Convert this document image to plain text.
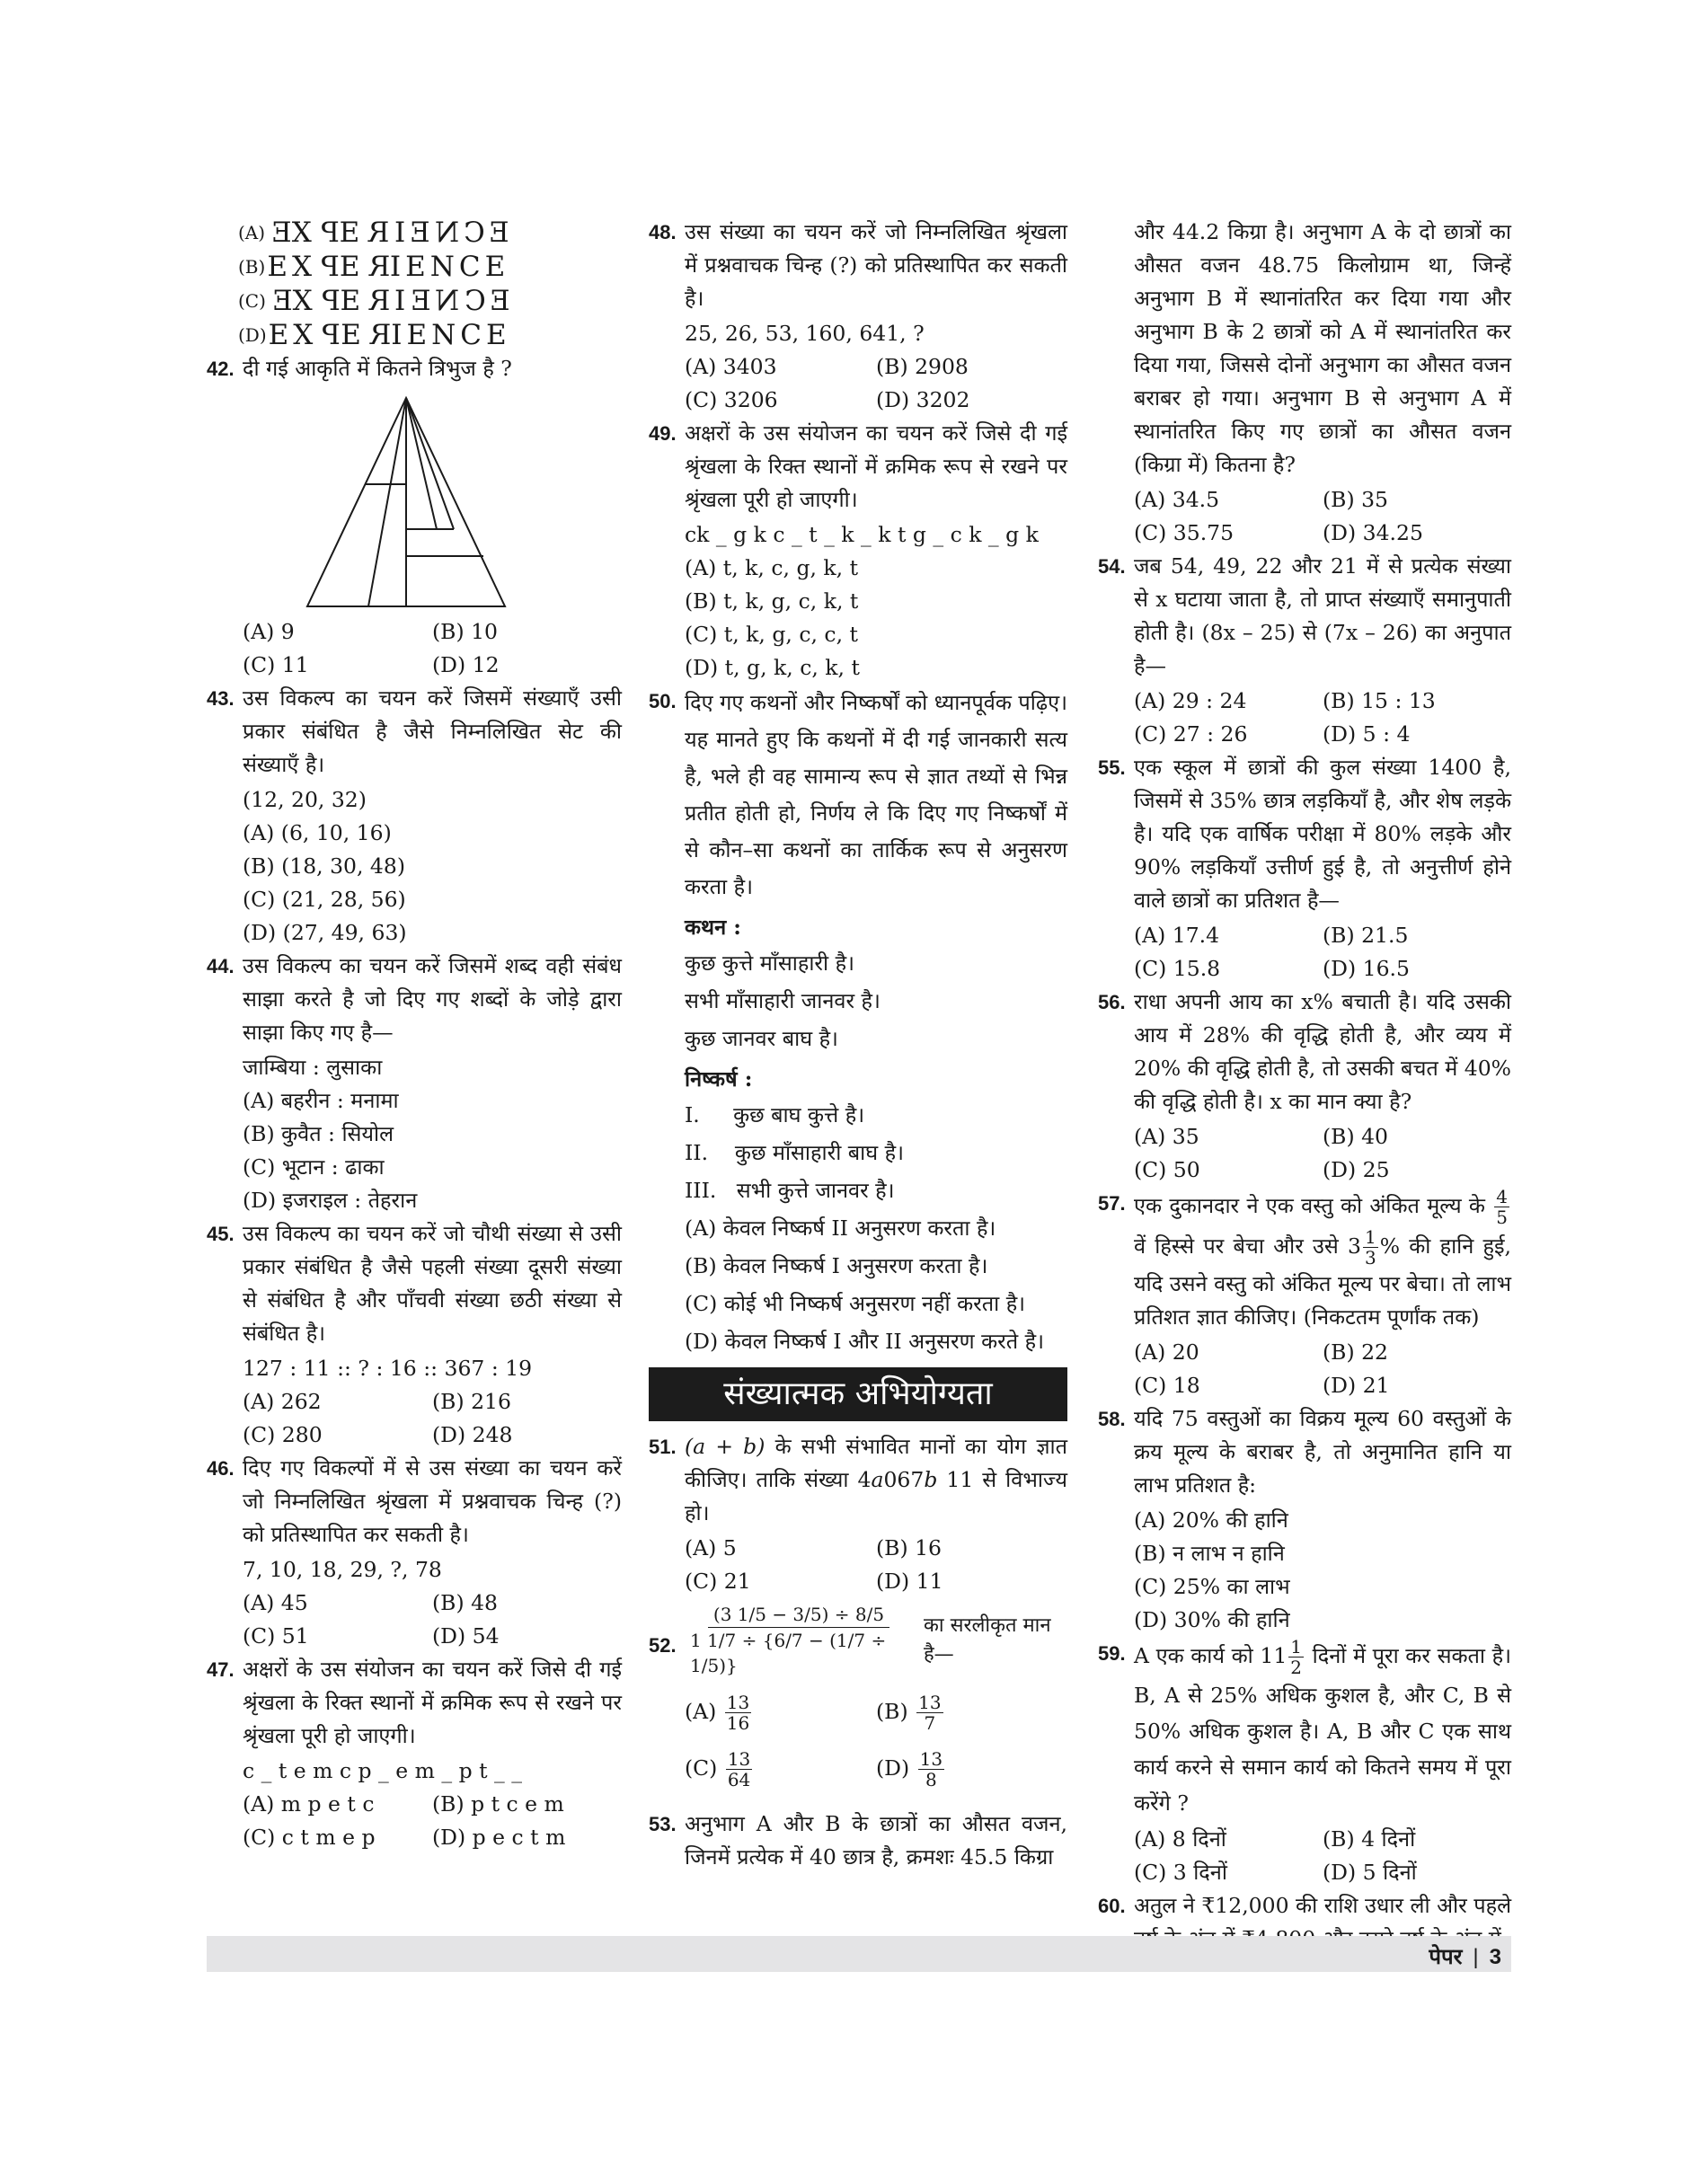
(A) EXPERIENCE
(B) EXPERIENCE
(C) EXPERIENCE
(D) EXPERIENCE
42. दी गई आकृति में कितने त्रिभुज है ?
(A) 9	(B) 10
(C) 11	(D) 12
43. उस विकल्प का चयन करें जिसमें संख्याएँ उसी प्रकार संबंधित है जैसे निम्नलिखित सेट की संख्याएँ है।
(12, 20, 32)
(A) (6, 10, 16)
(B) (18, 30, 48)
(C) (21, 28, 56)
(D) (27, 49, 63)
44. उस विकल्प का चयन करें जिसमें शब्द वही संबंध साझा करते है जो दिए गए शब्दों के जोड़े द्वारा साझा किए गए है—
जाम्बिया : लुसाका
(A) बहरीन : मनामा
(B) कुवैत : सियोल
(C) भूटान : ढाका
(D) इजराइल : तेहरान
45. उस विकल्प का चयन करें जो चौथी संख्या से उसी प्रकार संबंधित है जैसे पहली संख्या दूसरी संख्या से संबंधित है और पाँचवी संख्या छठी संख्या से संबंधित है।
127 : 11 :: ? : 16 :: 367 : 19
(A) 262	(B) 216
(C) 280	(D) 248
46. दिए गए विकल्पों में से उस संख्या का चयन करें जो निम्नलिखित श्रृंखला में प्रश्नवाचक चिन्ह (?) को प्रतिस्थापित कर सकती है।
7, 10, 18, 29, ?, 78
(A) 45	(B) 48
(C) 51	(D) 54
47. अक्षरों के उस संयोजन का चयन करें जिसे दी गई श्रृंखला के रिक्त स्थानों में क्रमिक रूप से रखने पर श्रृंखला पूरी हो जाएगी।
c _ t e m c p _ e m _ p t _ _
(A) m p e t c	(B) p t c e m
(C) c t m e p	(D) p e c t m
48. उस संख्या का चयन करें जो निम्नलिखित श्रृंखला में प्रश्नवाचक चिन्ह (?) को प्रतिस्थापित कर सकती है।
25, 26, 53, 160, 641, ?
(A) 3403	(B) 2908
(C) 3206	(D) 3202
49. अक्षरों के उस संयोजन का चयन करें जिसे दी गई श्रृंखला के रिक्त स्थानों में क्रमिक रूप से रखने पर श्रृंखला पूरी हो जाएगी।
ck _ g k c _ t _ k _ k t g _ c k _ g k
(A) t, k, c, g, k, t
(B) t, k, g, c, k, t
(C) t, k, g, c, c, t
(D) t, g, k, c, k, t
50. दिए गए कथनों और निष्कर्षों को ध्यानपूर्वक पढ़िए। यह मानते हुए कि कथनों में दी गई जानकारी सत्य है, भले ही वह सामान्य रूप से ज्ञात तथ्यों से भिन्न प्रतीत होती हो, निर्णय ले कि दिए गए निष्कर्षों में से कौन–सा कथनों का तार्किक रूप से अनुसरण करता है।
कथन :
कुछ कुत्ते माँसाहारी है।
सभी माँसाहारी जानवर है।
कुछ जानवर बाघ है।
निष्कर्ष :
I.     कुछ बाघ कुत्ते है।
II.    कुछ माँसाहारी बाघ है।
III.   सभी कुत्ते जानवर है।
(A) केवल निष्कर्ष II अनुसरण करता है।
(B) केवल निष्कर्ष I अनुसरण करता है।
(C) कोई भी निष्कर्ष अनुसरण नहीं करता है।
(D) केवल निष्कर्ष I और II अनुसरण करते है।
संख्यात्मक अभियोग्यता
51. (a + b) के सभी संभावित मानों का योग ज्ञात कीजिए। ताकि संख्या 4a067b 11 से विभाज्य हो।
(A) 5	(B) 16
(C) 21	(D) 11
52. $\frac{(3 1/5 - 3/5) \div 8/5}{1 1/7 \div \{6/7 - (1/7 \div 1/5)\}}$ का सरलीकृत मान है—
$(A) \frac{13}{16}$	$(B) \frac{13}{7}$
$(C) \frac{13}{64}$	$(D) \frac{13}{8}$
53. अनुभाग A और B के छात्रों का औसत वजन, जिनमें प्रत्येक में 40 छात्र है, क्रमशः 45.5 किग्रा
और 44.2 किग्रा है। अनुभाग A के दो छात्रों का औसत वजन 48.75 किलोग्राम था, जिन्हें अनुभाग B में स्थानांतरित कर दिया गया और अनुभाग B के 2 छात्रों को A में स्थानांतरित कर दिया गया, जिससे दोनों अनुभाग का औसत वजन बराबर हो गया। अनुभाग B से अनुभाग A में स्थानांतरित किए गए छात्रों का औसत वजन (किग्रा में) कितना है?
(A) 34.5	(B) 35
(C) 35.75	(D) 34.25
54. जब 54, 49, 22 और 21 में से प्रत्येक संख्या से x घटाया जाता है, तो प्राप्त संख्याएँ समानुपाती होती है। (8x – 25) से (7x – 26) का अनुपात है—
(A) 29 : 24	(B) 15 : 13
(C) 27 : 26	(D) 5 : 4
55. एक स्कूल में छात्रों की कुल संख्या 1400 है, जिसमें से 35% छात्र लड़कियाँ है, और शेष लड़के है। यदि एक वार्षिक परीक्षा में 80% लड़के और 90% लड़कियाँ उत्तीर्ण हुई है, तो अनुत्तीर्ण होने वाले छात्रों का प्रतिशत है—
(A) 17.4	(B) 21.5
(C) 15.8	(D) 16.5
56. राधा अपनी आय का x% बचाती है। यदि उसकी आय में 28% की वृद्धि होती है, और व्यय में 20% की वृद्धि होती है, तो उसकी बचत में 40% की वृद्धि होती है। x का मान क्या है?
(A) 35	(B) 40
(C) 50	(D) 25
57. एक दुकानदार ने एक वस्तु को अंकित मूल्य के $\frac{4}{5}$
वें हिस्से पर बेचा और उसे $3 \frac{1}{3}$ % की हानि हुई, यदि उसने वस्तु को अंकित मूल्य पर बेचा। तो लाभ प्रतिशत ज्ञात कीजिए। (निकटतम पूर्णांक तक)
(A) 20	(B) 22
(C) 18	(D) 21
58. यदि 75 वस्तुओं का विक्रय मूल्य 60 वस्तुओं के क्रय मूल्य के बराबर है, तो अनुमानित हानि या लाभ प्रतिशत है:
(A) 20% की हानि
(B) न लाभ न हानि
(C) 25% का लाभ
(D) 30% की हानि
59. A एक कार्य को $11 \frac{1}{2}$ दिनों में पूरा कर सकता है। B, A से 25% अधिक कुशल है, और C, B से 50% अधिक कुशल है। A, B और C एक साथ कार्य करने से समान कार्य को कितने समय में पूरा करेंगे ?
(A) 8 दिनों	(B) 4 दिनों
(C) 3 दिनों	(D) 5 दिनों
60. अतुल ने ₹12,000 की राशि उधार ली और पहले
पेपर | 3
